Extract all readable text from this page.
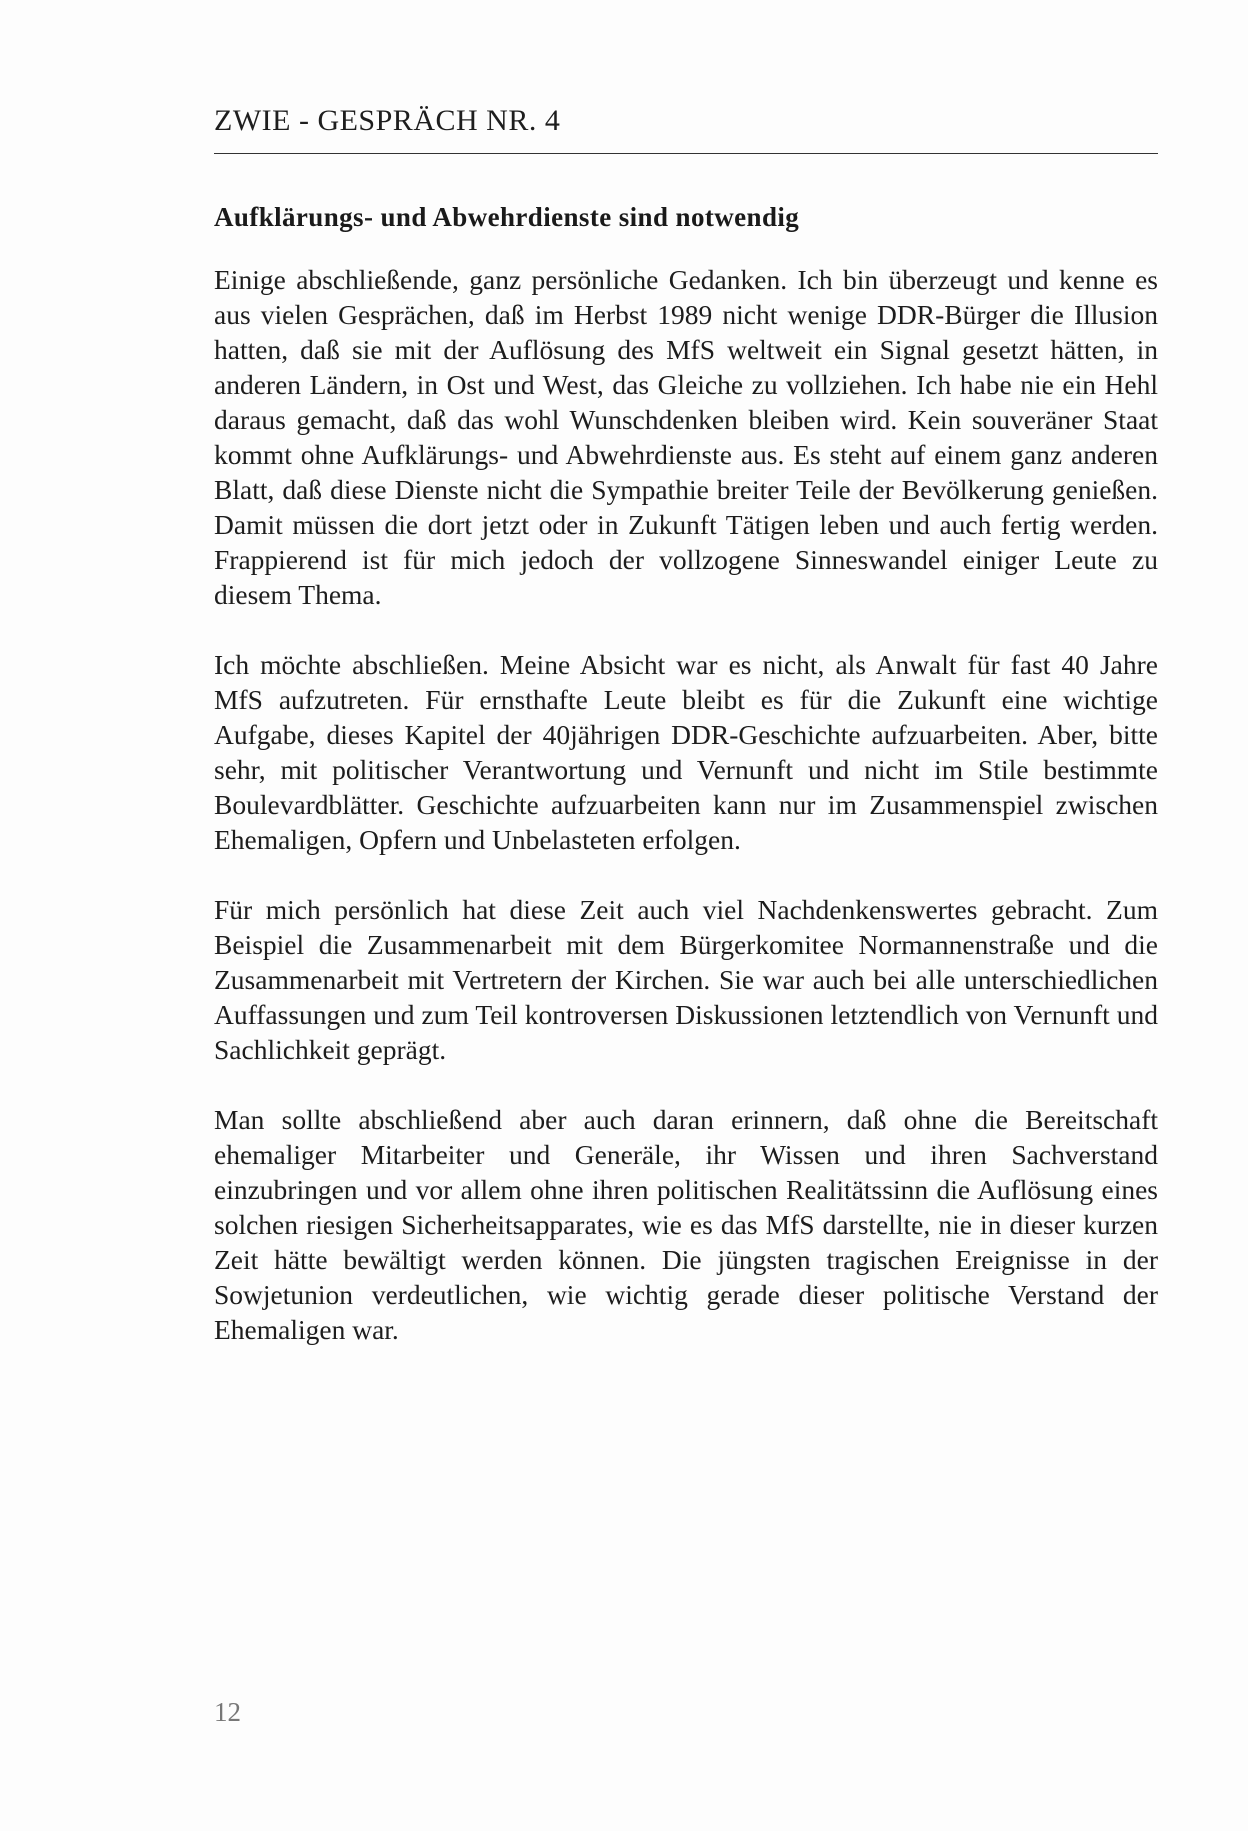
ZWIE - GESPRÄCH NR. 4
Aufklärungs- und Abwehrdienste sind notwendig

Einige abschließende, ganz persönliche Gedanken. Ich bin überzeugt und kenne es aus vielen Gesprächen, daß im Herbst 1989 nicht wenige DDR-Bürger die Illusion hatten, daß sie mit der Auflösung des MfS weltweit ein Signal gesetzt hätten, in anderen Ländern, in Ost und West, das Gleiche zu vollziehen. Ich habe nie ein Hehl daraus gemacht, daß das wohl Wunschdenken bleiben wird. Kein souveräner Staat kommt ohne Aufklärungs- und Abwehrdienste aus. Es steht auf einem ganz anderen Blatt, daß diese Dienste nicht die Sympathie breiter Teile der Bevölkerung genießen. Damit müssen die dort jetzt oder in Zukunft Tätigen leben und auch fertig werden. Frappierend ist für mich jedoch der vollzogene Sinneswandel einiger Leute zu diesem Thema.

Ich möchte abschließen. Meine Absicht war es nicht, als Anwalt für fast 40 Jahre MfS aufzutreten. Für ernsthafte Leute bleibt es für die Zukunft eine wichtige Aufgabe, dieses Kapitel der 40jährigen DDR-Geschichte aufzuarbeiten. Aber, bitte sehr, mit politischer Verantwortung und Vernunft und nicht im Stile bestimmte Boulevardblätter. Geschichte aufzuarbeiten kann nur im Zusammenspiel zwischen Ehemaligen, Opfern und Unbelasteten erfolgen.

Für mich persönlich hat diese Zeit auch viel Nachdenkenswertes gebracht. Zum Beispiel die Zusammenarbeit mit dem Bürgerkomitee Normannenstraße und die Zusammenarbeit mit Vertretern der Kirchen. Sie war auch bei alle unterschiedlichen Auffassungen und zum Teil kontroversen Diskussionen letztendlich von Vernunft und Sachlichkeit geprägt.

Man sollte abschließend aber auch daran erinnern, daß ohne die Bereitschaft ehemaliger Mitarbeiter und Generäle, ihr Wissen und ihren Sachverstand einzubringen und vor allem ohne ihren politischen Realitätssinn die Auflösung eines solchen riesigen Sicherheitsapparates, wie es das MfS darstellte, nie in dieser kurzen Zeit hätte bewältigt werden können. Die jüngsten tragischen Ereignisse in der Sowjetunion verdeutlichen, wie wichtig gerade dieser politische Verstand der Ehemaligen war.

12
